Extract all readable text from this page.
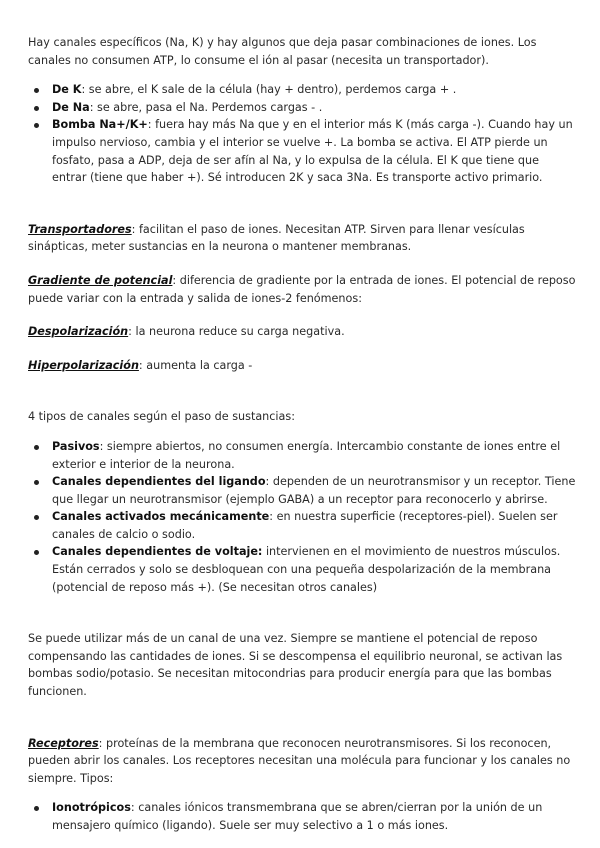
Hay canales específicos (Na, K) y hay algunos que deja pasar combinaciones de iones. Los canales no consumen ATP, lo consume el ión al pasar (necesita un transportador).

De K: se abre, el K sale de la célula (hay + dentro), perdemos carga + .
De Na: se abre, pasa el Na. Perdemos cargas - .
Bomba Na+/K+: fuera hay más Na que y en el interior más K (más carga -). Cuando hay un impulso nervioso, cambia y el interior se vuelve +. La bomba se activa. El ATP pierde un fosfato, pasa a ADP, deja de ser afín al Na, y lo expulsa de la célula. El K que tiene que entrar (tiene que haber +). Sé introducen 2K y saca 3Na. Es transporte activo primario.

Transportadores: facilitan el paso de iones. Necesitan ATP. Sirven para llenar vesículas sinápticas, meter sustancias en la neurona o mantener membranas.

Gradiente de potencial: diferencia de gradiente por la entrada de iones. El potencial de reposo puede variar con la entrada y salida de iones-2 fenómenos:

Despolarización: la neurona reduce su carga negativa.

Hiperpolarización: aumenta la carga -

4 tipos de canales según el paso de sustancias:

Pasivos: siempre abiertos, no consumen energía. Intercambio constante de iones entre el exterior e interior de la neurona.
Canales dependientes del ligando: dependen de un neurotransmisor y un receptor. Tiene que llegar un neurotransmisor (ejemplo GABA) a un receptor para reconocerlo y abrirse.
Canales activados mecánicamente: en nuestra superficie (receptores-piel). Suelen ser canales de calcio o sodio.
Canales dependientes de voltaje: intervienen en el movimiento de nuestros músculos. Están cerrados y solo se desbloquean con una pequeña despolarización de la membrana (potencial de reposo más +). (Se necesitan otros canales)

Se puede utilizar más de un canal de una vez. Siempre se mantiene el potencial de reposo compensando las cantidades de iones. Si se descompensa el equilibrio neuronal, se activan las bombas sodio/potasio. Se necesitan mitocondrias para producir energía para que las bombas funcionen.

Receptores: proteínas de la membrana que reconocen neurotransmisores. Si los reconocen, pueden abrir los canales. Los receptores necesitan una molécula para funcionar y los canales no siempre. Tipos:

Ionotrópicos: canales iónicos transmembrana que se abren/cierran por la unión de un mensajero químico (ligando). Suele ser muy selectivo a 1 o más iones.
